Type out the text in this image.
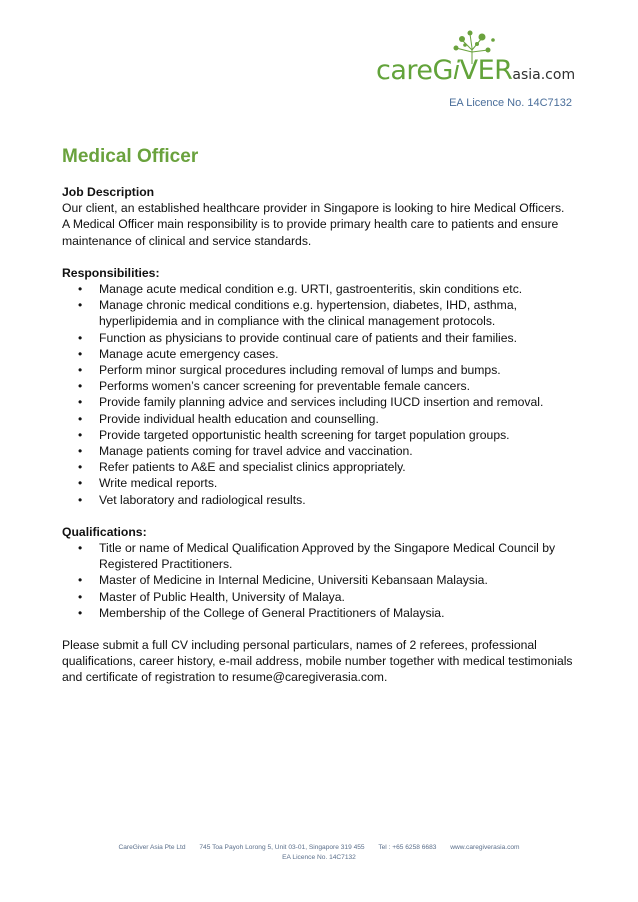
careG​𝑖VERasia.com
EA Licence No. 14C7132
Medical Officer

Job Description

Our client, an established healthcare provider in Singapore is looking to hire Medical Officers.

A Medical Officer main responsibility is to provide primary health care to patients and ensure maintenance of clinical and service standards.

Responsibilities:

• Manage acute medical condition e.g. URTI, gastroenteritis, skin conditions etc.
• Manage chronic medical conditions e.g. hypertension, diabetes, IHD, asthma, hyperlipidemia and in compliance with the clinical management protocols.
• Function as physicians to provide continual care of patients and their families.
• Manage acute emergency cases.
• Perform minor surgical procedures including removal of lumps and bumps.
• Performs women’s cancer screening for preventable female cancers.
• Provide family planning advice and services including IUCD insertion and removal.
• Provide individual health education and counselling.
• Provide targeted opportunistic health screening for target population groups.
• Manage patients coming for travel advice and vaccination.
• Refer patients to A&E and specialist clinics appropriately.
• Write medical reports.
• Vet laboratory and radiological results.

Qualifications:

• Title or name of Medical Qualification Approved by the Singapore Medical Council by Registered Practitioners.
• Master of Medicine in Internal Medicine, Universiti Kebansaan Malaysia.
• Master of Public Health, University of Malaya.
• Membership of the College of General Practitioners of Malaysia.

Please submit a full CV including personal particulars, names of 2 referees, professional qualifications, career history, e-mail address, mobile number together with medical testimonials and certificate of registration to resume@caregiverasia.com.

CareGiver Asia Pte Ltd 745 Toa Payoh Lorong 5, Unit 03-01, Singapore 319 455 Tel : +65 6258 6683 www.caregiverasia.com
EA Licence No. 14C7132
